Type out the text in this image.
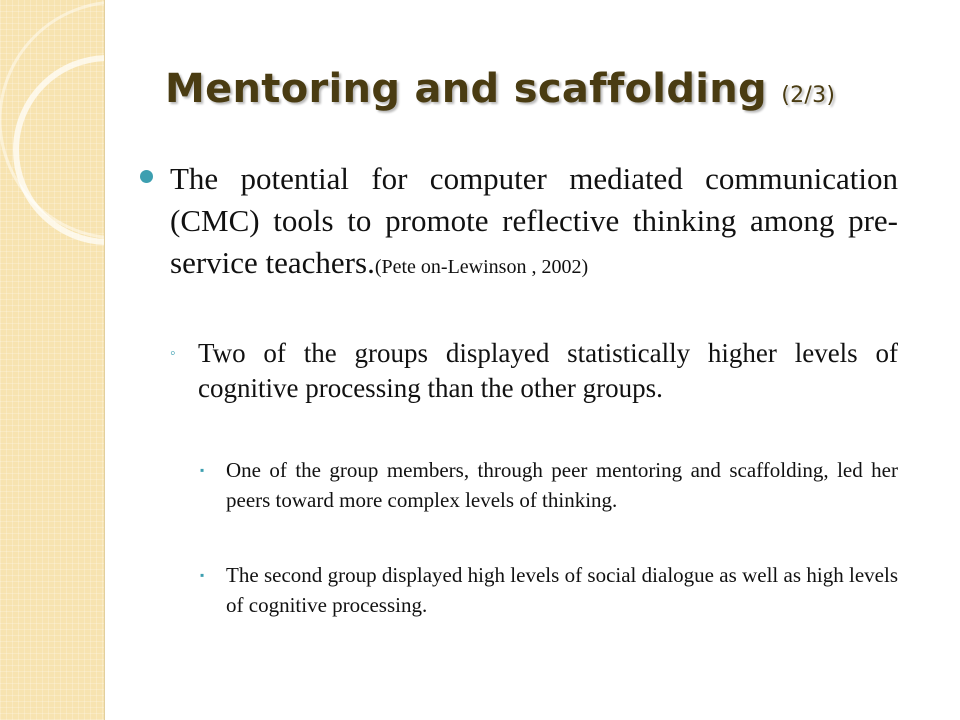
Mentoring and scaffolding (2/3)

The potential for computer mediated communication (CMC) tools to promote reflective thinking among pre-service teachers.(Pete on-Lewinson , 2002)

◦ Two of the groups displayed statistically higher levels of cognitive processing than the other groups.

▪ One of the group members, through peer mentoring and scaffolding, led her peers toward more complex levels of thinking.

▪ The second group displayed high levels of social dialogue as well as high levels of cognitive processing.
